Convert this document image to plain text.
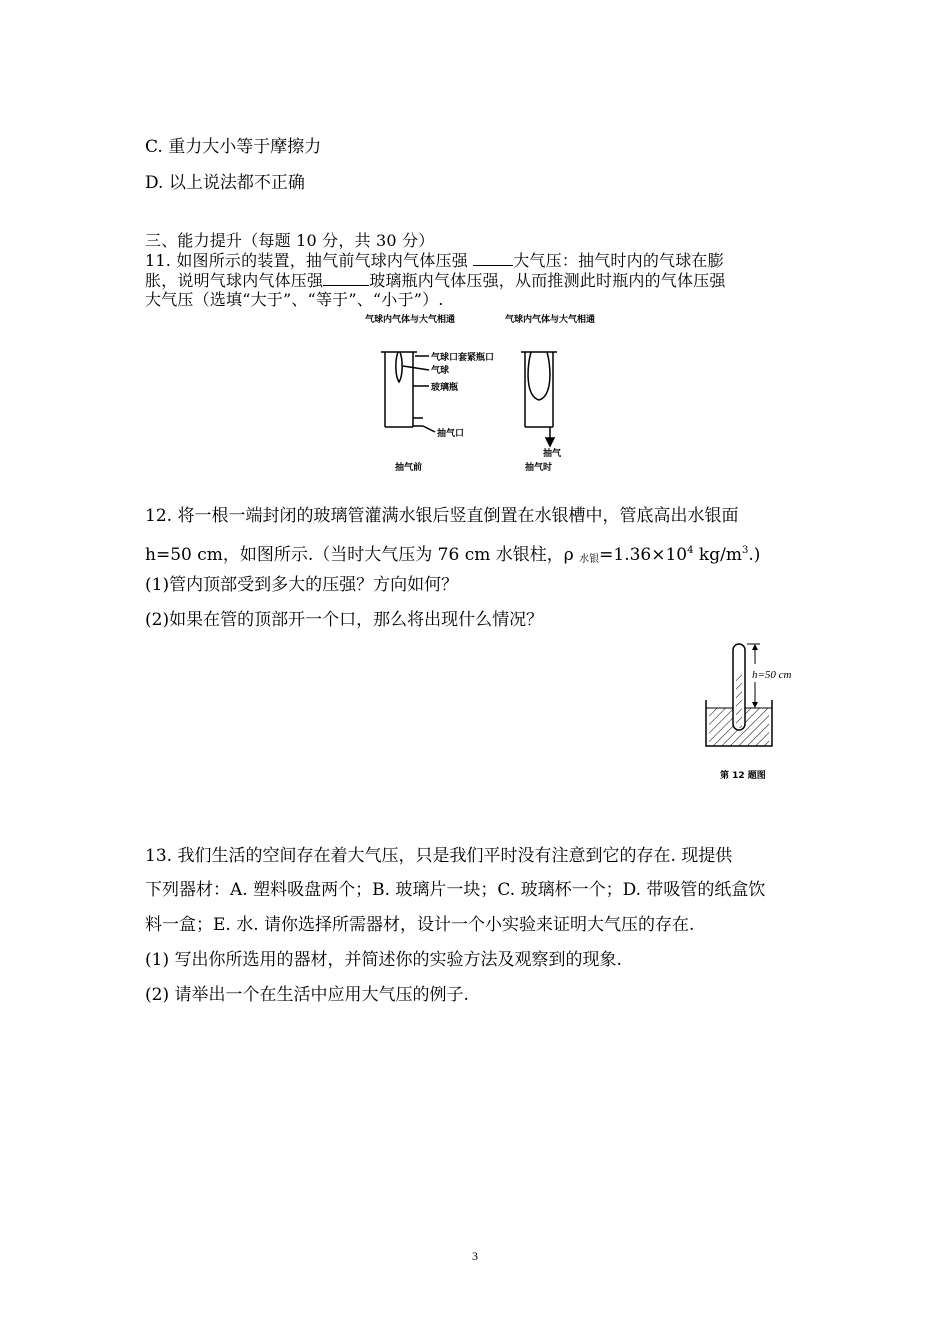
C. 重力大小等于摩擦力
D. 以上说法都不正确
三、能力提升（每题 10 分，共 30 分）
11. 如图所示的装置，抽气前气球内气体压强	大气压：抽气时内的气球在膨
胀，说明气球内气体压强	玻璃瓶内气体压强，从而推测此时瓶内的气体压强
大气压（选填“大于”、“等于”、“小于”）.
气球内气体与大气相通	气球内气体与大气相通
气球口套紧瓶口
气球
玻璃瓶
抽气口
抽气
抽气前	抽气时
12. 将一根一端封闭的玻璃管灌满水银后竖直倒置在水银槽中，管底高出水银面
h=50 cm，如图所示.（当时大气压为 76 cm 水银柱，ρ $_{水银}=1.36\times 10^4$ $kg/m^3$.)
(1)管内顶部受到多大的压强？方向如何？
(2)如果在管的顶部开一个口，那么将出现什么情况？
h=50 cm
第 12 题图
13. 我们生活的空间存在着大气压，只是我们平时没有注意到它的存在. 现提供
下列器材：A. 塑料吸盘两个；B. 玻璃片一块；C. 玻璃杯一个；D. 带吸管的纸盒饮
料一盒；E. 水. 请你选择所需器材，设计一个小实验来证明大气压的存在.
(1) 写出你所选用的器材，并简述你的实验方法及观察到的现象.
(2) 请举出一个在生活中应用大气压的例子.
3
